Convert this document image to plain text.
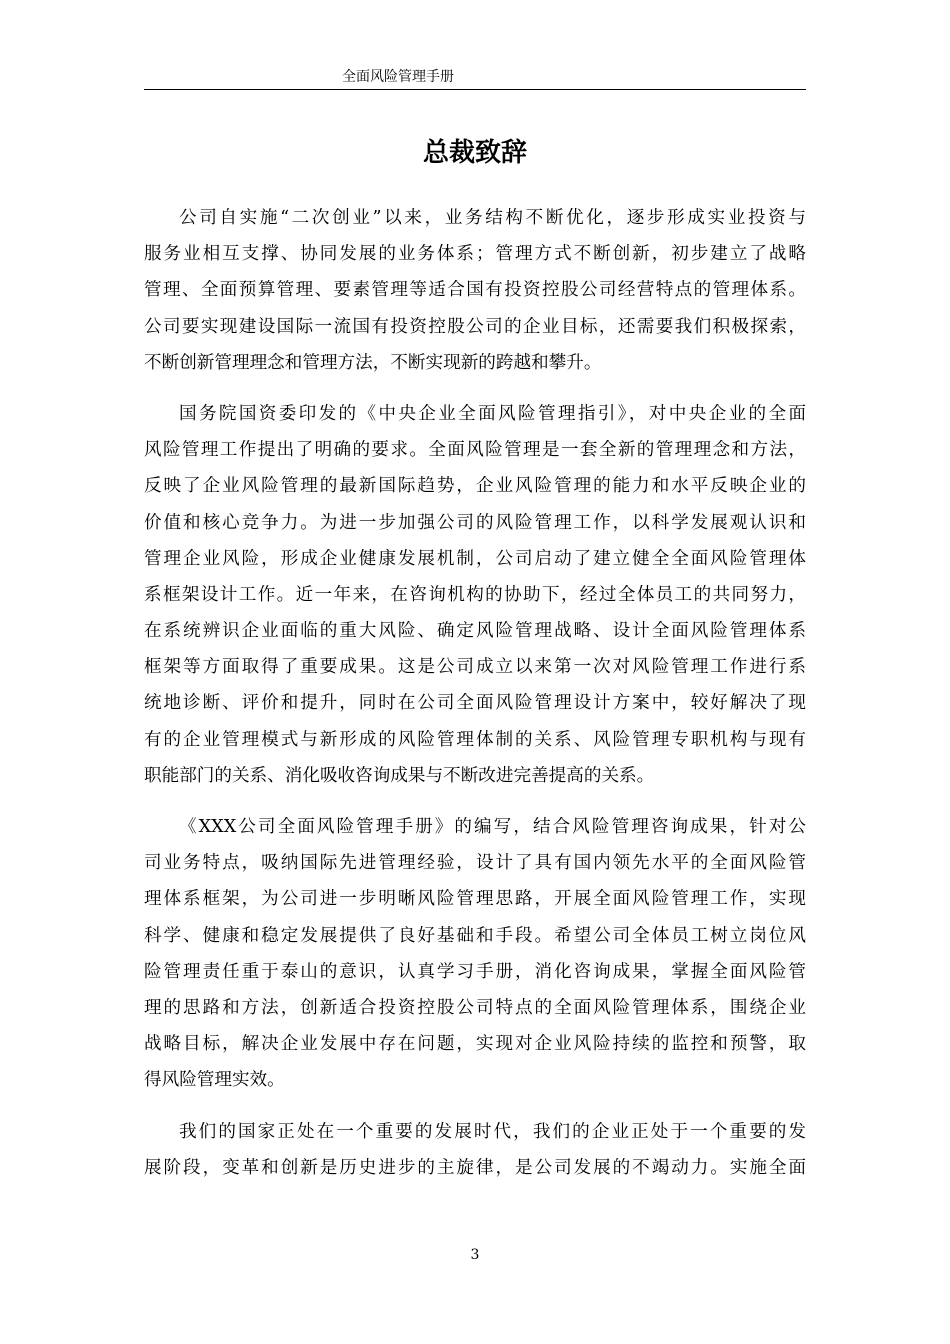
全面风险管理手册
总裁致辞
公司自实施“二次创业”以来，业务结构不断优化，逐步形成实业投资与
服务业相互支撑、协同发展的业务体系；管理方式不断创新，初步建立了战略
管理、全面预算管理、要素管理等适合国有投资控股公司经营特点的管理体系。
公司要实现建设国际一流国有投资控股公司的企业目标，还需要我们积极探索，
不断创新管理理念和管理方法，不断实现新的跨越和攀升。
国务院国资委印发的《中央企业全面风险管理指引》，对中央企业的全面
风险管理工作提出了明确的要求。全面风险管理是一套全新的管理理念和方法，
反映了企业风险管理的最新国际趋势，企业风险管理的能力和水平反映企业的
价值和核心竞争力。为进一步加强公司的风险管理工作，以科学发展观认识和
管理企业风险，形成企业健康发展机制，公司启动了建立健全全面风险管理体
系框架设计工作。近一年来，在咨询机构的协助下，经过全体员工的共同努力，
在系统辨识企业面临的重大风险、确定风险管理战略、设计全面风险管理体系
框架等方面取得了重要成果。这是公司成立以来第一次对风险管理工作进行系
统地诊断、评价和提升，同时在公司全面风险管理设计方案中，较好解决了现
有的企业管理模式与新形成的风险管理体制的关系、风险管理专职机构与现有
职能部门的关系、消化吸收咨询成果与不断改进完善提高的关系。
《XXX公司全面风险管理手册》的编写，结合风险管理咨询成果，针对公
司业务特点，吸纳国际先进管理经验，设计了具有国内领先水平的全面风险管
理体系框架，为公司进一步明晰风险管理思路，开展全面风险管理工作，实现
科学、健康和稳定发展提供了良好基础和手段。希望公司全体员工树立岗位风
险管理责任重于泰山的意识，认真学习手册，消化咨询成果，掌握全面风险管
理的思路和方法，创新适合投资控股公司特点的全面风险管理体系，围绕企业
战略目标，解决企业发展中存在问题，实现对企业风险持续的监控和预警，取
得风险管理实效。
我们的国家正处在一个重要的发展时代，我们的企业正处于一个重要的发
展阶段，变革和创新是历史进步的主旋律，是公司发展的不竭动力。实施全面
3
